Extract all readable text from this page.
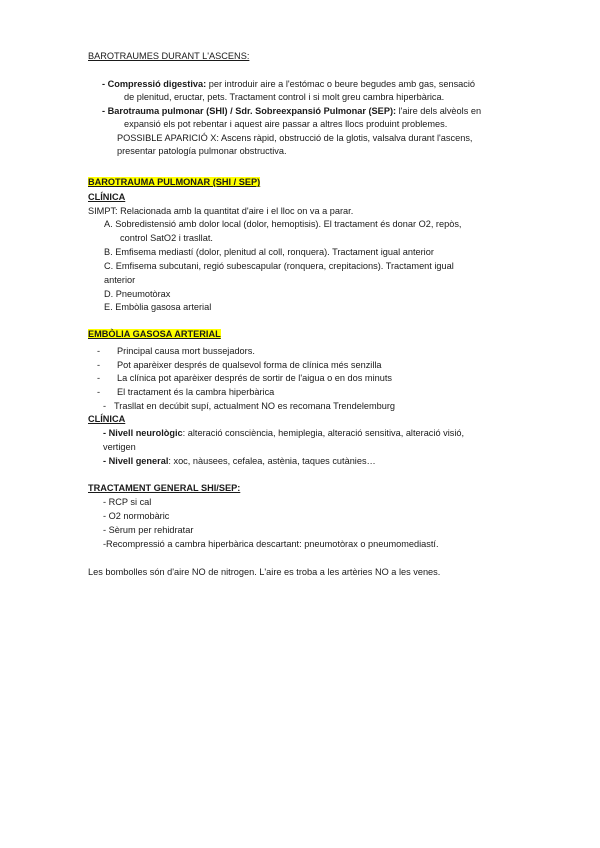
BAROTRAUMES DURANT L'ASCENS:
- Compressió digestiva: per introduir aire a l'estómac o beure begudes amb gas, sensació
de plenitud, eructar, pets. Tractament control i si molt greu cambra hiperbàrica.
- Barotrauma pulmonar (SHI) / Sdr. Sobreexpansió Pulmonar (SEP): l'aire dels alvèols en
expansió els pot rebentar i aquest aire passar a altres llocs produint problemes.
POSSIBLE APARICIÓ X: Ascens ràpid, obstrucció de la glotis, valsalva durant l'ascens,
presentar patología pulmonar obstructiva.
BAROTRAUMA PULMONAR (SHI / SEP)
CLÍNICA
SIMPT: Relacionada amb la quantitat d'aire i el lloc on va a parar.
A. Sobredistensió amb dolor local (dolor, hemoptisis). El tractament és donar O2, repòs,
control SatO2 i trasllat.
B. Emfisema mediastí (dolor, plenitud al coll, ronquera). Tractament igual anterior
C. Emfisema subcutani, regió subescapular (ronquera, crepitacions). Tractament igual
anterior
D. Pneumotòrax
E. Embòlia gasosa arterial
EMBÒLIA GASOSA ARTERIAL
- Principal causa mort bussejadors.
- Pot aparèixer després de qualsevol forma de clínica més senzilla
- La clínica pot aparèixer després de sortir de l'aigua o en dos minuts
- El tractament és la cambra hiperbàrica
- Trasllat en decúbit supí, actualment NO es recomana Trendelemburg
CLÍNICA
- Nivell neurològic: alteració consciència, hemiplegia, alteració sensitiva, alteració visió,
vertigen
- Nivell general: xoc, nàusees, cefalea, astènia, taques cutànies…
TRACTAMENT GENERAL SHI/SEP:
- RCP si cal
- O2 normobàric
- Sèrum per rehidratar
-Recompressió a cambra hiperbàrica descartant: pneumotòrax o pneumomediastí.
Les bombolles són d'aire NO de nitrogen. L'aire es troba a les artèries NO a les venes.
